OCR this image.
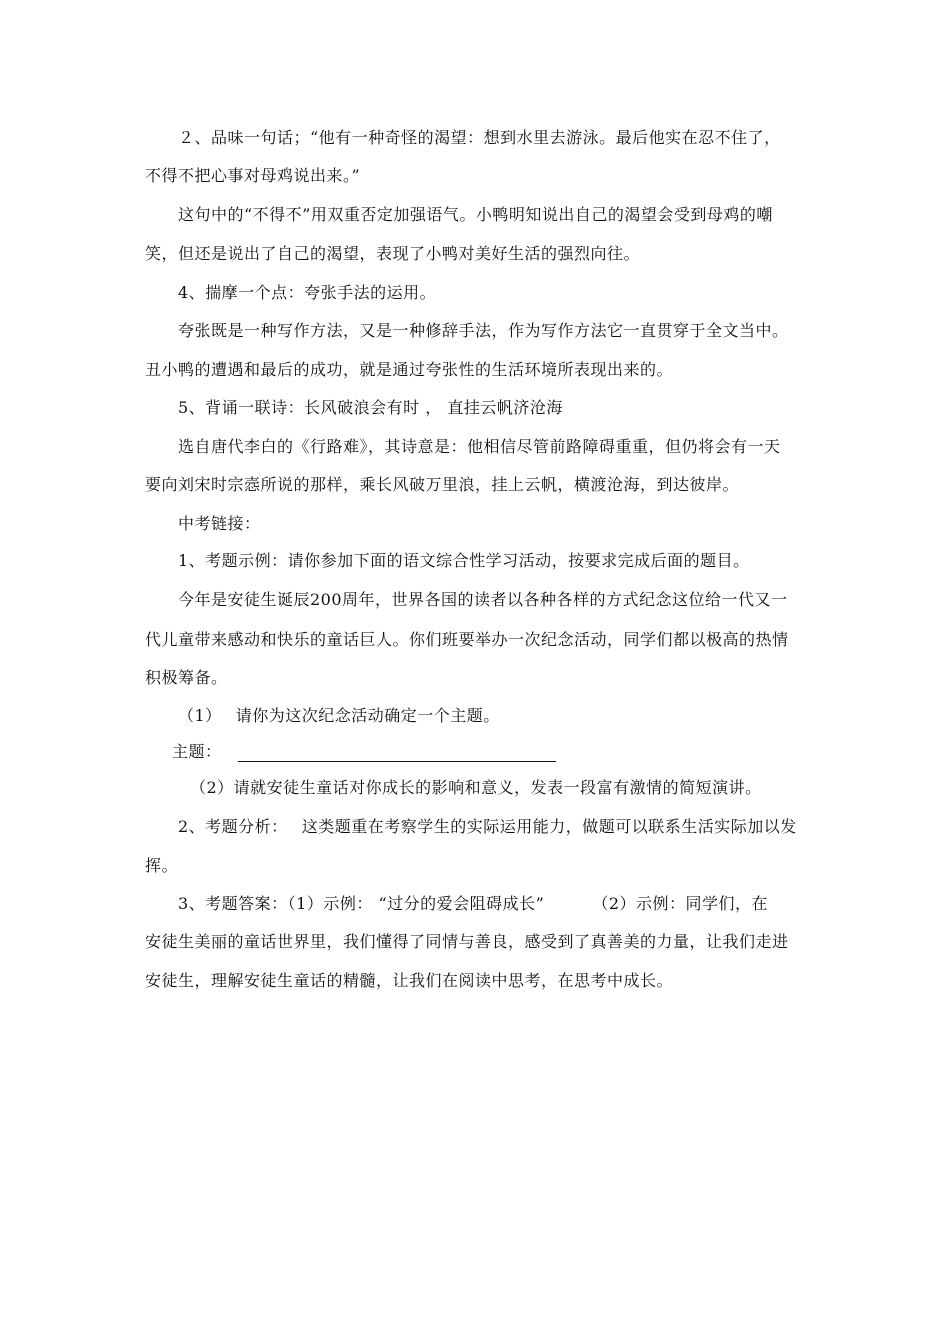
２、品味一句话；“他有一种奇怪的渴望：想到水里去游泳。最后他实在忍不住了，
不得不把心事对母鸡说出来。”
这句中的“不得不”用双重否定加强语气。小鸭明知说出自己的渴望会受到母鸡的嘲
笑，但还是说出了自己的渴望，表现了小鸭对美好生活的强烈向往。
4、揣摩一个点：夸张手法的运用。
夸张既是一种写作方法，又是一种修辞手法，作为写作方法它一直贯穿于全文当中。
丑小鸭的遭遇和最后的成功，就是通过夸张性的生活环境所表现出来的。
5、背诵一联诗：长风破浪会有时 ， 直挂云帆济沧海
选自唐代李白的《行路难》，其诗意是：他相信尽管前路障碍重重，但仍将会有一天
要向刘宋时宗悫所说的那样，乘长风破万里浪，挂上云帆，横渡沧海，到达彼岸。
中考链接：
1、考题示例：请你参加下面的语文综合性学习活动，按要求完成后面的题目。
今年是安徒生诞辰200周年，世界各国的读者以各种各样的方式纪念这位给一代又一
代儿童带来感动和快乐的童话巨人。你们班要举办一次纪念活动，同学们都以极高的热情
积极筹备。
（1） 请你为这次纪念活动确定一个主题。
主题：
（2）请就安徒生童话对你成长的影响和意义，发表一段富有激情的简短演讲。
2、考题分析： 这类题重在考察学生的实际运用能力，做题可以联系生活实际加以发
挥。
3、考题答案：（1）示例： “过分的爱会阻碍成长”	（2）示例：同学们，在
安徒生美丽的童话世界里，我们懂得了同情与善良，感受到了真善美的力量，让我们走进
安徒生，理解安徒生童话的精髓，让我们在阅读中思考，在思考中成长。
